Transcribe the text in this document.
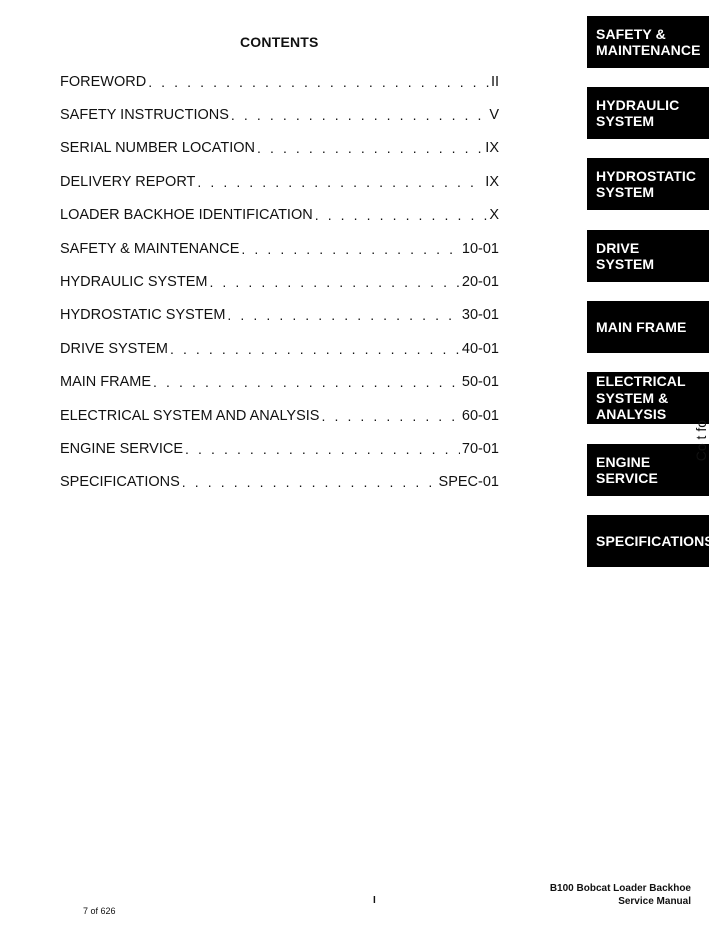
CONTENTS
FOREWORD . . .	II
SAFETY INSTRUCTIONS . . .	V
SERIAL NUMBER LOCATION . . .	IX
DELIVERY REPORT . . .	IX
LOADER BACKHOE IDENTIFICATION . . .	X
SAFETY & MAINTENANCE . . .	10-01
HYDRAULIC SYSTEM . . .	20-01
HYDROSTATIC SYSTEM . . .	30-01
DRIVE SYSTEM . . .	40-01
MAIN FRAME . . .	50-01
ELECTRICAL SYSTEM AND ANALYSIS . . .	60-01
ENGINE SERVICE . . .	70-01
SPECIFICATIONS . . .	SPEC-01
SAFETY &
MAINTENANCE
HYDRAULIC
SYSTEM
HYDROSTATIC
SYSTEM
DRIVE
SYSTEM
MAIN FRAME
ELECTRICAL
SYSTEM &
ANALYSIS
ENGINE
SERVICE
SPECIFICATIONS
Co t fo
7 of 626
I
B100 Bobcat Loader Backhoe
Service Manual
